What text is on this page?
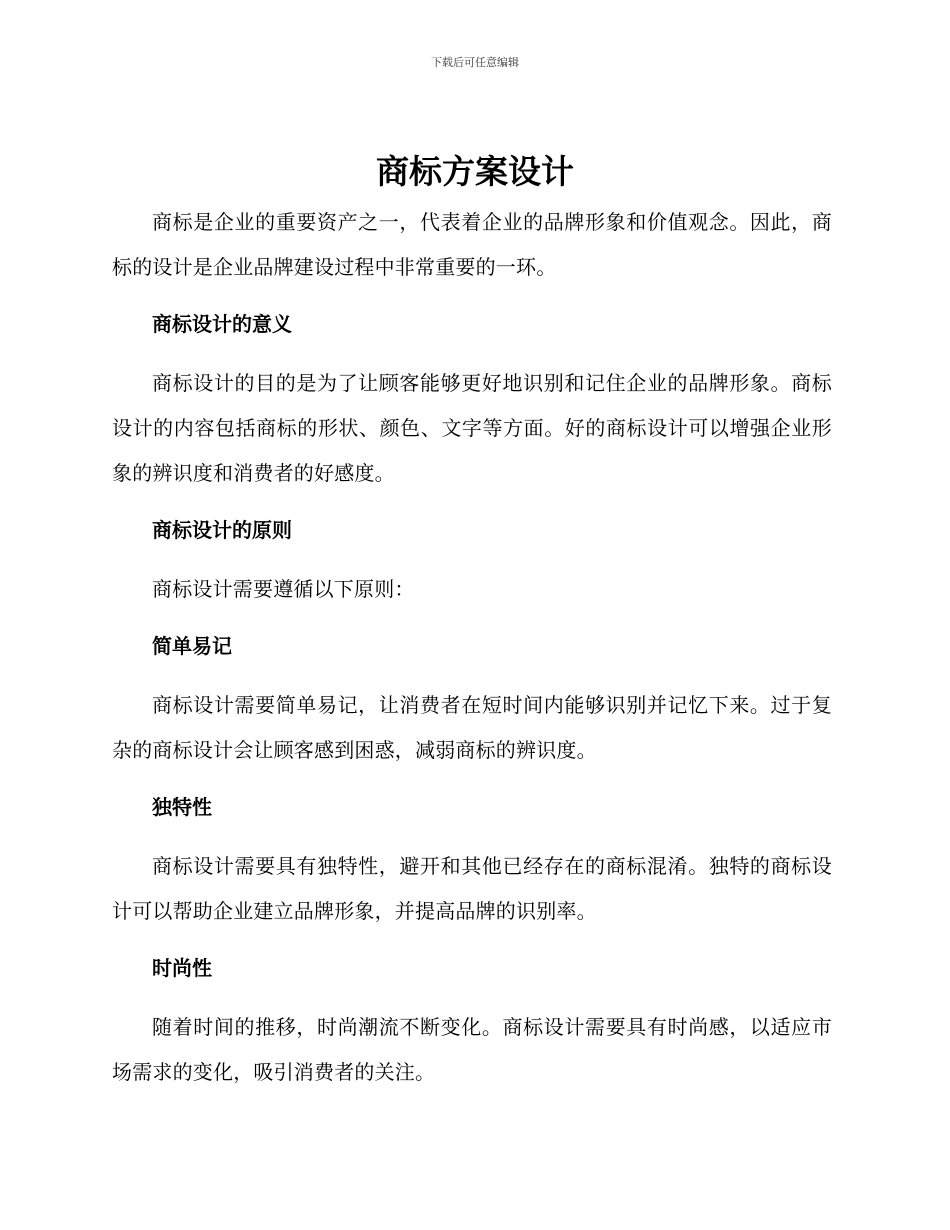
下载后可任意编辑
商标方案设计

商标是企业的重要资产之一，代表着企业的品牌形象和价值观念。因此，商标的设计是企业品牌建设过程中非常重要的一环。

商标设计的意义

商标设计的目的是为了让顾客能够更好地识别和记住企业的品牌形象。商标设计的内容包括商标的形状、颜色、文字等方面。好的商标设计可以增强企业形象的辨识度和消费者的好感度。

商标设计的原则

商标设计需要遵循以下原则：

简单易记

商标设计需要简单易记，让消费者在短时间内能够识别并记忆下来。过于复杂的商标设计会让顾客感到困惑，减弱商标的辨识度。

独特性

商标设计需要具有独特性，避开和其他已经存在的商标混淆。独特的商标设计可以帮助企业建立品牌形象，并提高品牌的识别率。

时尚性

随着时间的推移，时尚潮流不断变化。商标设计需要具有时尚感，以适应市场需求的变化，吸引消费者的关注。
